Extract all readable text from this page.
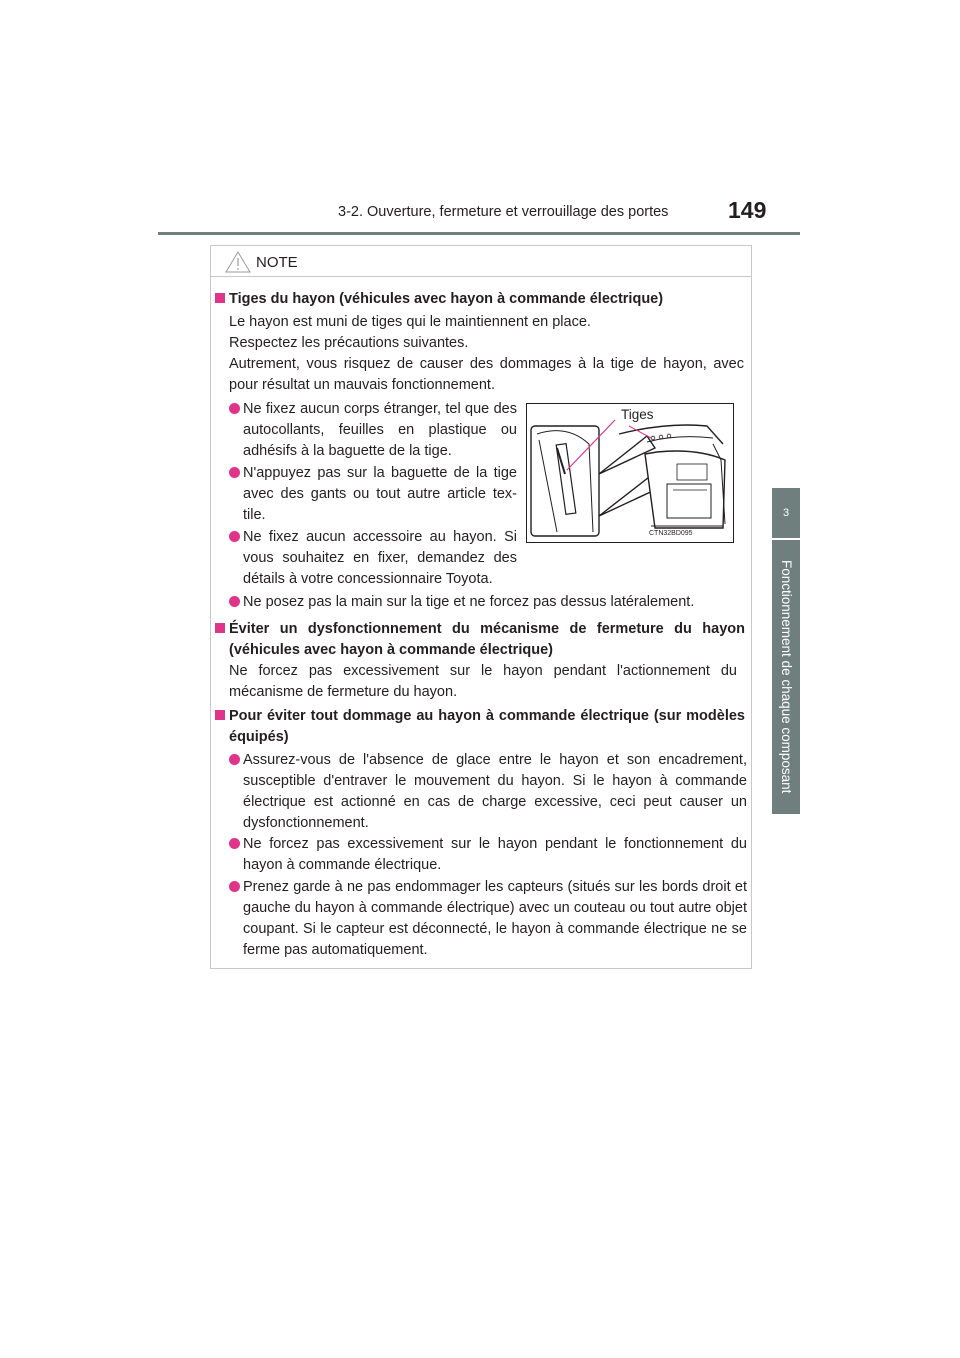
3-2. Ouverture, fermeture et verrouillage des portes	149
3
Fonctionnement de chaque composant
NOTE
Tiges du hayon (véhicules avec hayon à commande électrique)
Le hayon est muni de tiges qui le maintiennent en place.
Respectez les précautions suivantes.
Autrement, vous risquez de causer des dommages à la tige de hayon, avec pour résultat un mauvais fonctionnement.
Ne fixez aucun corps étranger, tel que des autocollants, feuilles en plastique ou adhésifs à la baguette de la tige.
N'appuyez pas sur la baguette de la tige avec des gants ou tout autre article tex-tile.
Ne fixez aucun accessoire au hayon. Si vous souhaitez en fixer, demandez des détails à votre concessionnaire Toyota.
Tiges
CTN32BD095
Ne posez pas la main sur la tige et ne forcez pas dessus latéralement.
Éviter un dysfonctionnement du mécanisme de fermeture du hayon (véhicules avec hayon à commande électrique)
Ne forcez pas excessivement sur le hayon pendant l'actionnement du mécanisme de fermeture du hayon.
Pour éviter tout dommage au hayon à commande électrique (sur modèles équipés)
Assurez-vous de l'absence de glace entre le hayon et son encadrement, susceptible d'entraver le mouvement du hayon. Si le hayon à commande électrique est actionné en cas de charge excessive, ceci peut causer un dysfonctionnement.
Ne forcez pas excessivement sur le hayon pendant le fonctionnement du hayon à commande électrique.
Prenez garde à ne pas endommager les capteurs (situés sur les bords droit et gauche du hayon à commande électrique) avec un couteau ou tout autre objet coupant. Si le capteur est déconnecté, le hayon à commande électrique ne se ferme pas automatiquement.
